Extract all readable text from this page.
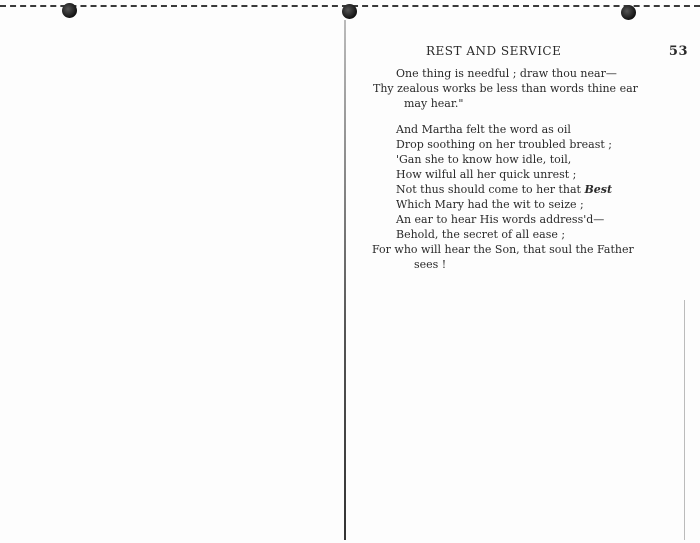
REST AND SERVICE	53
One thing is needful ; draw thou near—
Thy zealous works be less than words thine ear
may hear."
And Martha felt the word as oil
Drop soothing on her troubled breast ;
'Gan she to know how idle, toil,
How wilful all her quick unrest ;
Not thus should come to her that Best
Which Mary had the wit to seize ;
An ear to hear His words address'd—
Behold, the secret of all ease ;
For who will hear the Son, that soul the Father
sees !
